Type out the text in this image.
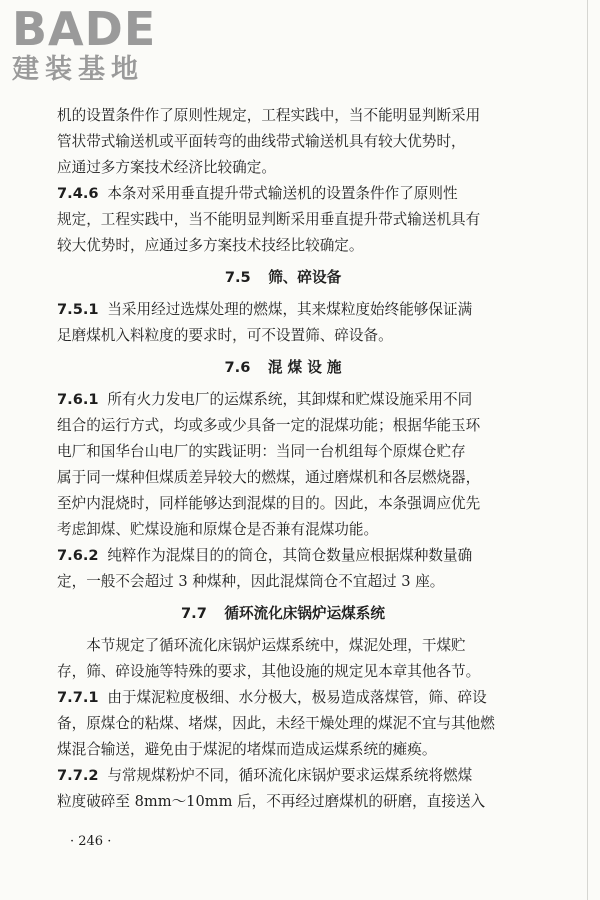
BADE
建装基地
机的设置条件作了原则性规定，工程实践中，当不能明显判断采用
管状带式输送机或平面转弯的曲线带式输送机具有较大优势时，
应通过多方案技术经济比较确定。
7.4.6 本条对采用垂直提升带式输送机的设置条件作了原则性
规定，工程实践中，当不能明显判断采用垂直提升带式输送机具有
较大优势时，应通过多方案技术技经比较确定。
7.5 筛、碎设备
7.5.1 当采用经过选煤处理的燃煤，其来煤粒度始终能够保证满
足磨煤机入料粒度的要求时，可不设置筛、碎设备。
7.6 混 煤 设 施
7.6.1 所有火力发电厂的运煤系统，其卸煤和贮煤设施采用不同
组合的运行方式，均或多或少具备一定的混煤功能；根据华能玉环
电厂和国华台山电厂的实践证明：当同一台机组每个原煤仓贮存
属于同一煤种但煤质差异较大的燃煤，通过磨煤机和各层燃烧器，
至炉内混烧时，同样能够达到混煤的目的。因此，本条强调应优先
考虑卸煤、贮煤设施和原煤仓是否兼有混煤功能。
7.6.2 纯粹作为混煤目的的筒仓，其筒仓数量应根据煤种数量确
定，一般不会超过 3 种煤种，因此混煤筒仓不宜超过 3 座。
7.7 循环流化床锅炉运煤系统
本节规定了循环流化床锅炉运煤系统中，煤泥处理，干煤贮
存，筛、碎设施等特殊的要求，其他设施的规定见本章其他各节。
7.7.1 由于煤泥粒度极细、水分极大，极易造成落煤管，筛、碎设
备，原煤仓的粘煤、堵煤，因此，未经干燥处理的煤泥不宜与其他燃
煤混合输送，避免由于煤泥的堵煤而造成运煤系统的瘫痪。
7.7.2 与常规煤粉炉不同，循环流化床锅炉要求运煤系统将燃煤
粒度破碎至 8mm～10mm 后，不再经过磨煤机的研磨，直接送入
· 246 ·
